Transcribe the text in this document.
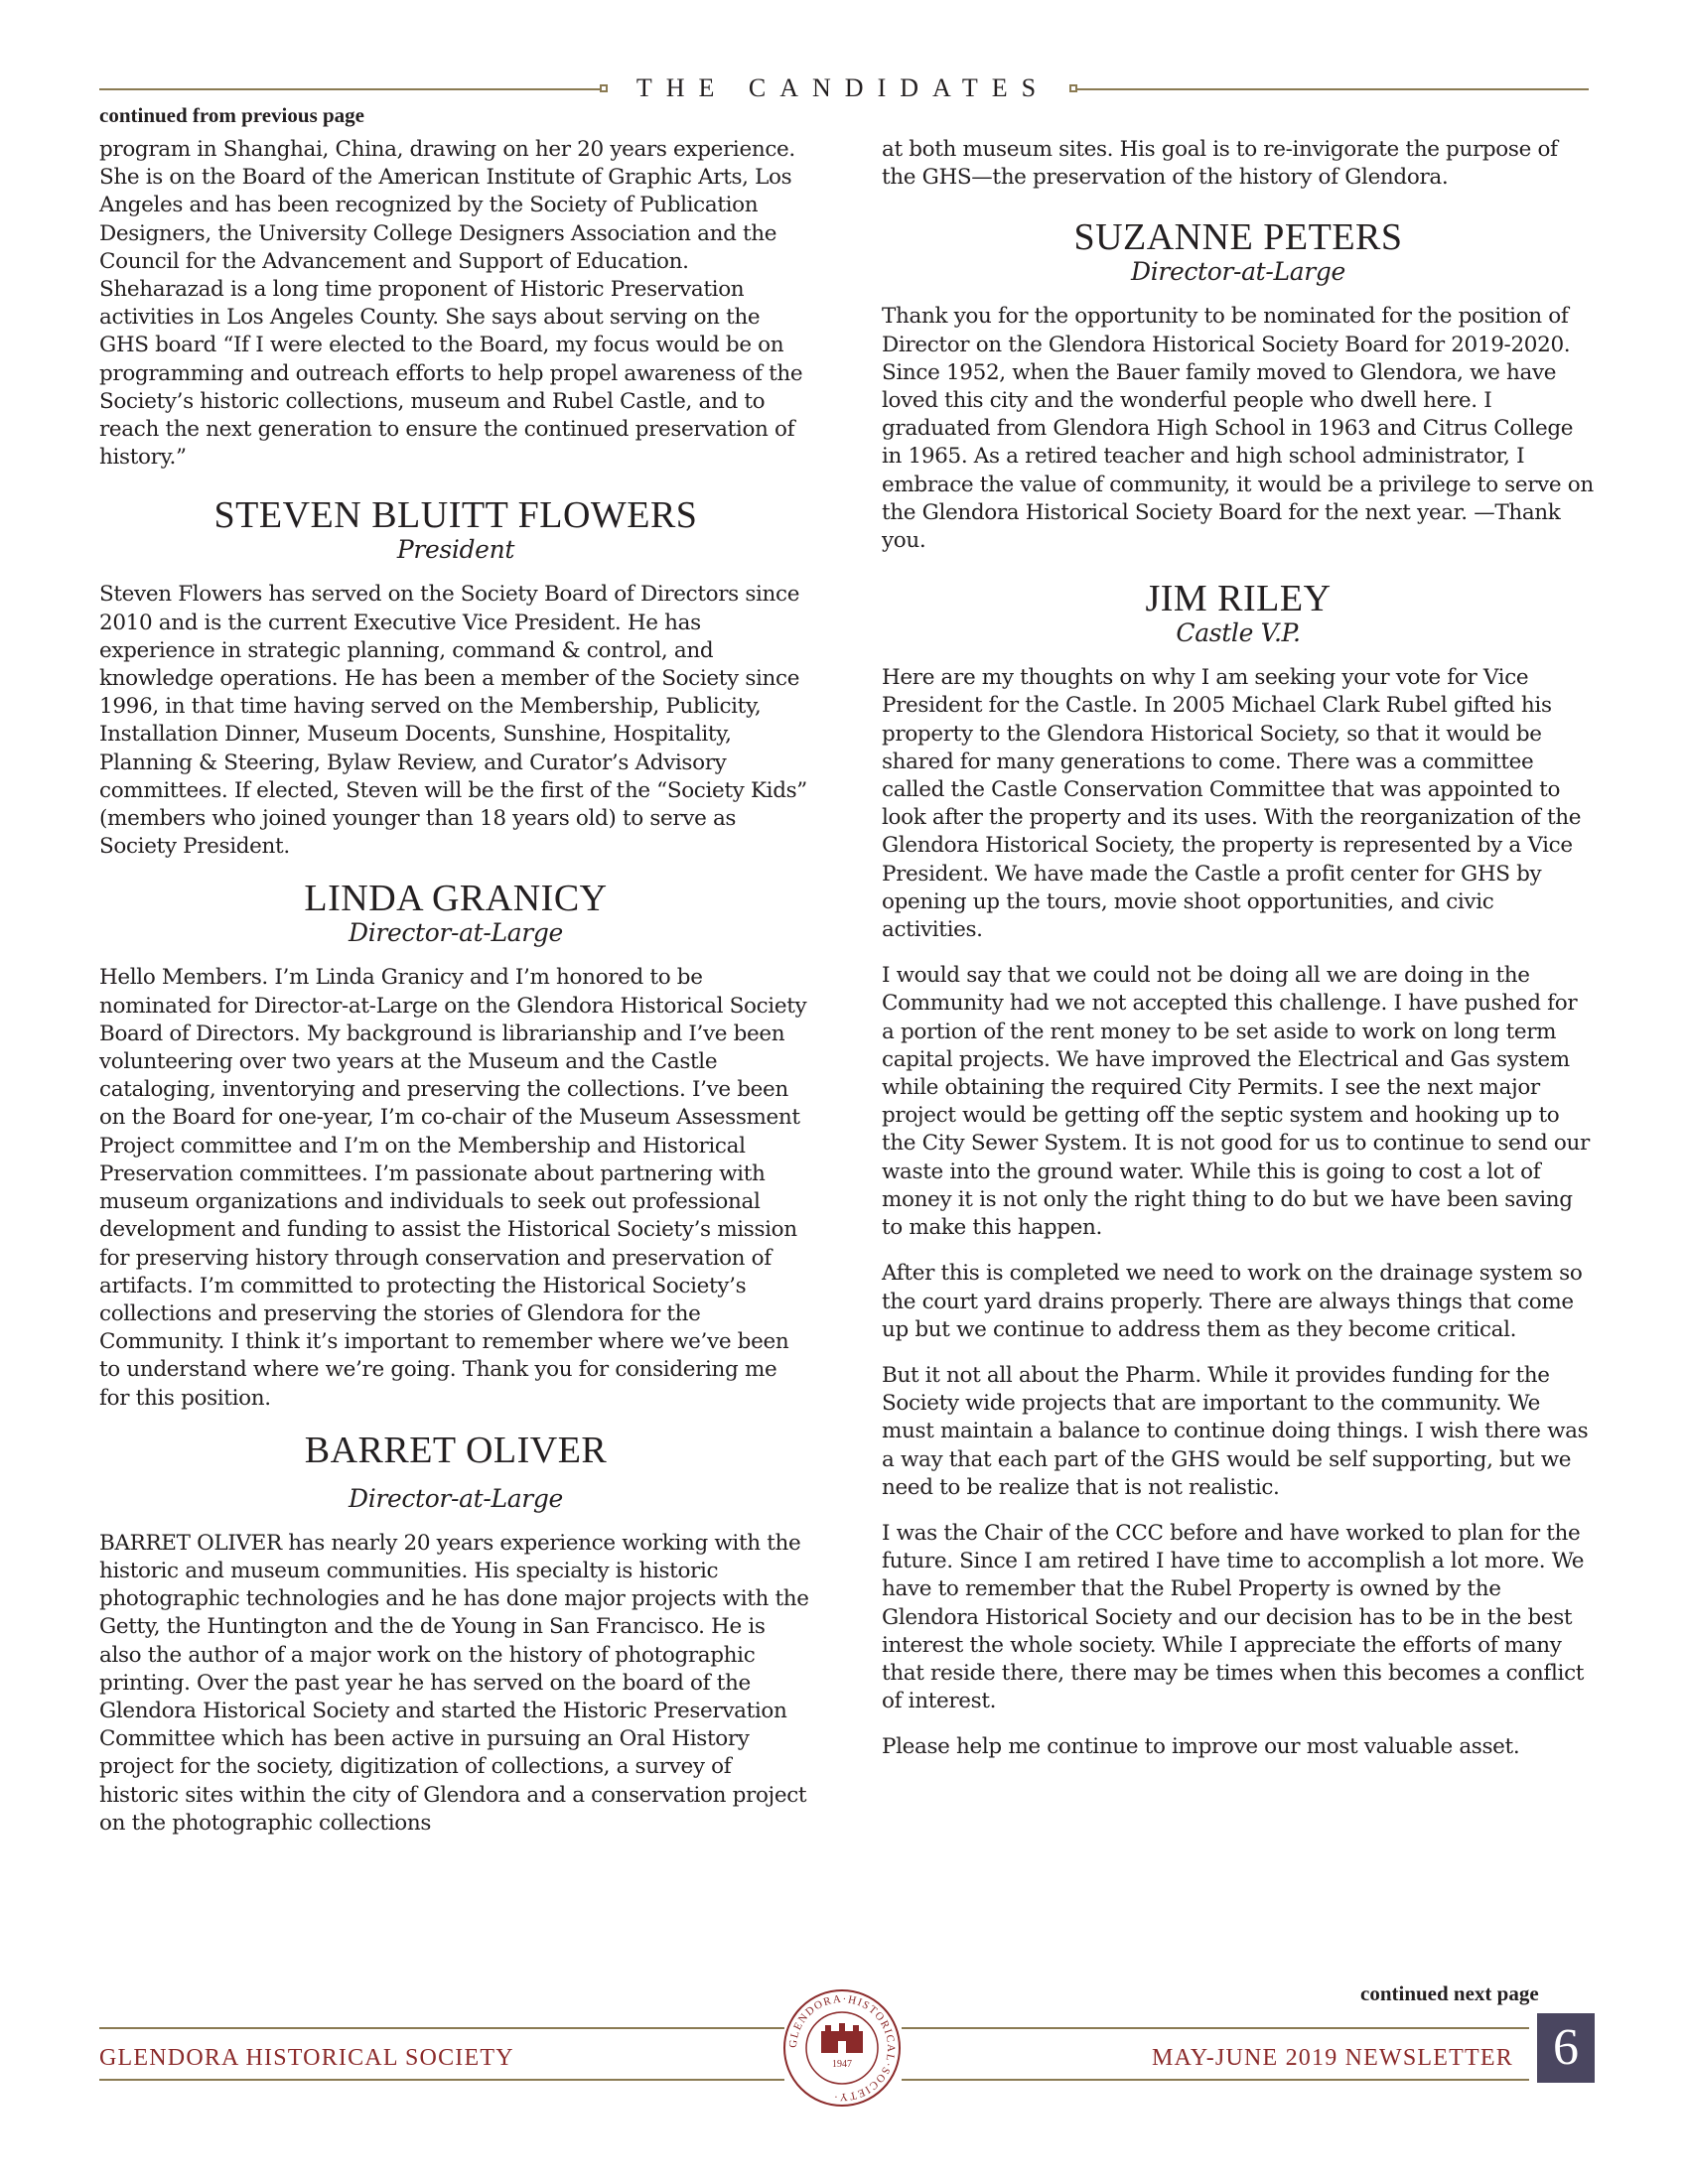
THE CANDIDATES
continued from previous page

program in Shanghai, China, drawing on her 20 years experience. She is on the Board of the American Institute of Graphic Arts, Los Angeles and has been recognized by the Society of Publication Designers, the University College Designers Association and the Council for the Advancement and Support of Education. Sheharazad is a long time proponent of Historic Preservation activities in Los Angeles County. She says about serving on the GHS board “If I were elected to the Board, my focus would be on programming and outreach efforts to help propel awareness of the Society’s historic collections, museum and Rubel Castle, and to reach the next generation to ensure the continued preservation of history.”

STEVEN BLUITT FLOWERS
President

Steven Flowers has served on the Society Board of Directors since 2010 and is the current Executive Vice President. He has experience in strategic planning, command & control, and knowledge operations. He has been a member of the Society since 1996, in that time having served on the Membership, Publicity, Installation Dinner, Museum Docents, Sunshine, Hospitality, Planning & Steering, Bylaw Review, and Curator’s Advisory committees. If elected, Steven will be the first of the “Society Kids” (members who joined younger than 18 years old) to serve as Society President.

LINDA GRANICY
Director-at-Large

Hello Members. I’m Linda Granicy and I’m honored to be nominated for Director-at-Large on the Glendora Historical Society Board of Directors. My background is librarianship and I’ve been volunteering over two years at the Museum and the Castle cataloging, inventorying and preserving the collections. I’ve been on the Board for one-year, I’m co-chair of the Museum Assessment Project committee and I’m on the Membership and Historical Preservation committees. I’m passionate about partnering with museum organizations and individuals to seek out professional development and funding to assist the Historical Society’s mission for preserving history through conservation and preservation of artifacts. I’m committed to protecting the Historical Society’s collections and preserving the stories of Glendora for the Community. I think it’s important to remember where we’ve been to understand where we’re going. Thank you for considering me for this position.

BARRET OLIVER
Director-at-Large

BARRET OLIVER has nearly 20 years experience working with the historic and museum communities. His specialty is historic photographic technologies and he has done major projects with the Getty, the Huntington and the de Young in San Francisco. He is also the author of a major work on the history of photographic printing. Over the past year he has served on the board of the Glendora Historical Society and started the Historic Preservation Committee which has been active in pursuing an Oral History project for the society, digitization of collections, a survey of historic sites within the city of Glendora and a conservation project on the photographic collections

at both museum sites. His goal is to re-invigorate the purpose of the GHS—the preservation of the history of Glendora.

SUZANNE PETERS
Director-at-Large

Thank you for the opportunity to be nominated for the position of Director on the Glendora Historical Society Board for 2019-2020. Since 1952, when the Bauer family moved to Glendora, we have loved this city and the wonderful people who dwell here. I graduated from Glendora High School in 1963 and Citrus College in 1965. As a retired teacher and high school administrator, I embrace the value of community, it would be a privilege to serve on the Glendora Historical Society Board for the next year. —Thank you.

JIM RILEY
Castle V.P.

Here are my thoughts on why I am seeking your vote for Vice President for the Castle. In 2005 Michael Clark Rubel gifted his property to the Glendora Historical Society, so that it would be shared for many generations to come. There was a committee called the Castle Conservation Committee that was appointed to look after the property and its uses. With the reorganization of the Glendora Historical Society, the property is represented by a Vice President. We have made the Castle a profit center for GHS by opening up the tours, movie shoot opportunities, and civic activities.

I would say that we could not be doing all we are doing in the Community had we not accepted this challenge. I have pushed for a portion of the rent money to be set aside to work on long term capital projects. We have improved the Electrical and Gas system while obtaining the required City Permits. I see the next major project would be getting off the septic system and hooking up to the City Sewer System. It is not good for us to continue to send our waste into the ground water. While this is going to cost a lot of money it is not only the right thing to do but we have been saving to make this happen.

After this is completed we need to work on the drainage system so the court yard drains properly. There are always things that come up but we continue to address them as they become critical.

But it not all about the Pharm. While it provides funding for the Society wide projects that are important to the community. We must maintain a balance to continue doing things. I wish there was a way that each part of the GHS would be self supporting, but we need to be realize that is not realistic.

I was the Chair of the CCC before and have worked to plan for the future. Since I am retired I have time to accomplish a lot more. We have to remember that the Rubel Property is owned by the Glendora Historical Society and our decision has to be in the best interest the whole society. While I appreciate the efforts of many that reside there, there may be times when this becomes a conflict of interest.

Please help me continue to improve our most valuable asset.

continued next page
GLENDORA HISTORICAL SOCIETY	MAY-JUNE 2019 NEWSLETTER 6
GLENDORA·HISTORICAL·SOCIETY·
1947
